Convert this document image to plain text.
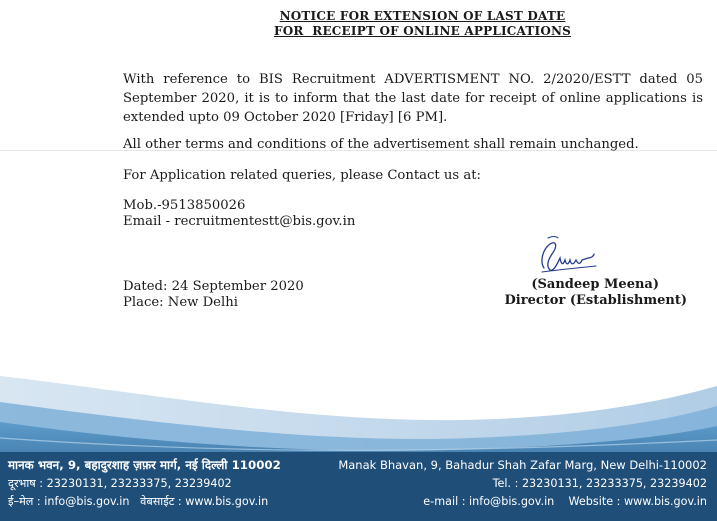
NOTICE FOR EXTENSION OF LAST DATE
FOR  RECEIPT OF ONLINE APPLICATIONS
With reference to BIS Recruitment ADVERTISMENT NO. 2/2020/ESTT dated 05 September 2020, it is to inform that the last date for receipt of online applications is extended upto 09 October 2020 [Friday] [6 PM].
All other terms and conditions of the advertisement shall remain unchanged.
For Application related queries, please Contact us at:
Mob.-9513850026
Email - recruitmentestt@bis.gov.in
Dated: 24 September 2020
Place: New Delhi
(Sandeep Meena)
Director (Establishment)
मानक भवन, 9, बहादुरशाह ज़फ़र मार्ग, नई दिल्ली 110002
दूरभाष : 23230131, 23233375, 23239402
ई–मेल : info@bis.gov.in   वेबसाईट : www.bis.gov.in
Manak Bhavan, 9, Bahadur Shah Zafar Marg, New Delhi-110002
Tel. : 23230131, 23233375, 23239402
e-mail : info@bis.gov.in    Website : www.bis.gov.in
